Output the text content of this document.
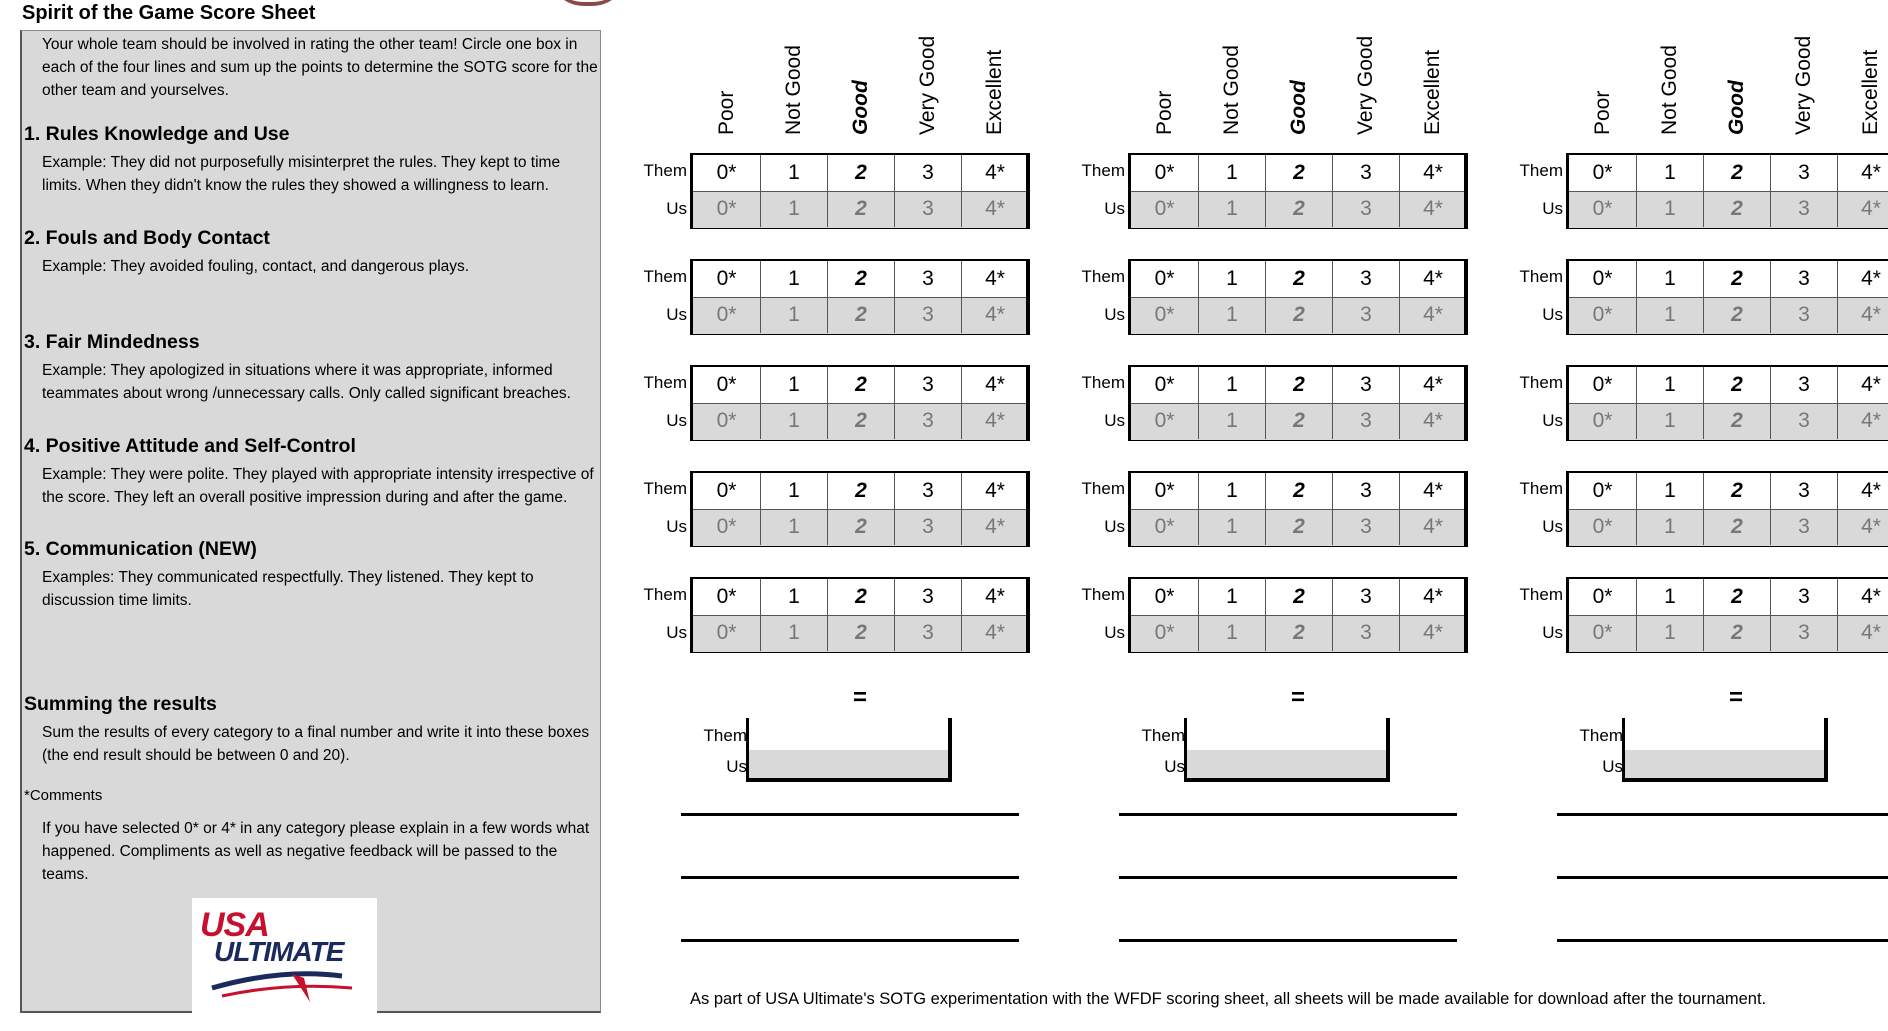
Spirit of the Game Score Sheet
Your whole team should be involved in rating the other team! Circle one box in each of the four lines and sum up the points to determine the SOTG score for the other team and yourselves.
1. Rules Knowledge and Use
Example: They did not purposefully misinterpret the rules. They kept to time limits. When they didn't know the rules they showed a willingness to learn.
2. Fouls and Body Contact
Example: They avoided fouling, contact, and dangerous plays.
3. Fair Mindedness
Example: They apologized in situations where it was appropriate, informed teammates about wrong /unnecessary calls. Only called significant breaches.
4. Positive Attitude and Self-Control
Example: They were polite. They played with appropriate intensity irrespective of the score. They left an overall positive impression during and after the game.
5. Communication (NEW)
Examples: They communicated respectfully. They listened. They kept to discussion time limits.
Summing the results
Sum the results of every category to a final number and write it into these boxes (the end result should be between 0 and 20).
*Comments
If you have selected 0* or 4* in any category please explain in a few words what happened. Compliments as well as negative feedback will be passed to the teams.
USA
ULTIMATE
Poor Not Good Good Very Good Excellent
Them
Us
0*
0*
1
1
2
2
3
3
4*
4*
Them
Us
0*
0*
1
1
2
2
3
3
4*
4*
Them
Us
0*
0*
1
1
2
2
3
3
4*
4*
Them
Us
0*
0*
1
1
2
2
3
3
4*
4*
Them
Us
0*
0*
1
1
2
2
3
3
4*
4*
=
Them
Us
Poor Not Good Good Very Good Excellent
Them
Us
0*
0*
1
1
2
2
3
3
4*
4*
Them
Us
0*
0*
1
1
2
2
3
3
4*
4*
Them
Us
0*
0*
1
1
2
2
3
3
4*
4*
Them
Us
0*
0*
1
1
2
2
3
3
4*
4*
Them
Us
0*
0*
1
1
2
2
3
3
4*
4*
=
Them
Us
Poor Not Good Good Very Good Excellent
Them
Us
0*
0*
1
1
2
2
3
3
4*
4*
Them
Us
0*
0*
1
1
2
2
3
3
4*
4*
Them
Us
0*
0*
1
1
2
2
3
3
4*
4*
Them
Us
0*
0*
1
1
2
2
3
3
4*
4*
Them
Us
0*
0*
1
1
2
2
3
3
4*
4*
=
Them
Us
As part of USA Ultimate's SOTG experimentation with the WFDF scoring sheet, all sheets will be made available for download after the tournament.
